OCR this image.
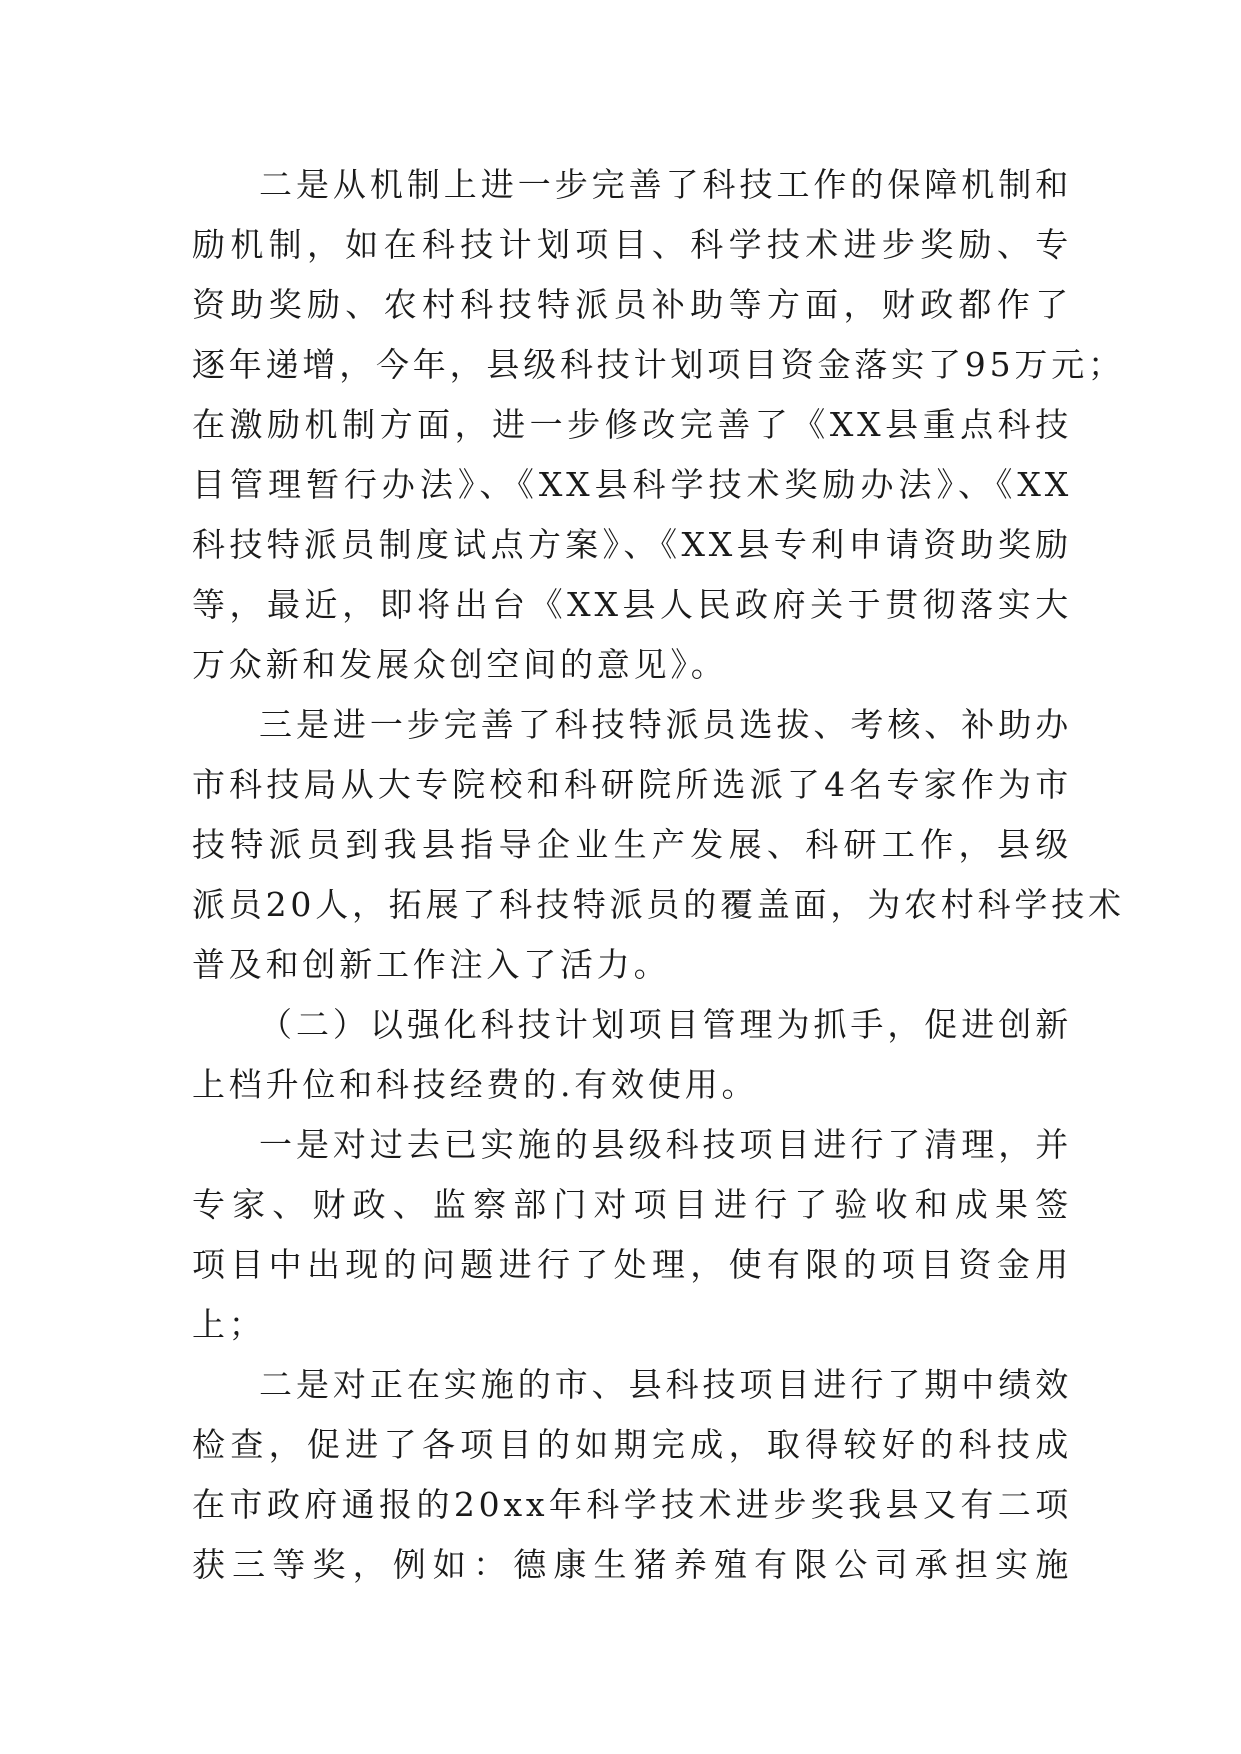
二是从机制上进一步完善了科技工作的保障机制和
励机制，如在科技计划项目、科学技术进步奖励、专
资助奖励、农村科技特派员补助等方面，财政都作了
逐年递增，今年，县级科技计划项目资金落实了95万元；
在激励机制方面，进一步修改完善了《XX县重点科技
目管理暂行办法》、《XX县科学技术奖励办法》、《XX
科技特派员制度试点方案》、《XX县专利申请资助奖励
等，最近，即将出台《XX县人民政府关于贯彻落实大
万众新和发展众创空间的意见》。
三是进一步完善了科技特派员选拔、考核、补助办
市科技局从大专院校和科研院所选派了4名专家作为市
技特派员到我县指导企业生产发展、科研工作，县级
派员20人，拓展了科技特派员的覆盖面，为农村科学技术
普及和创新工作注入了活力。
（二）以强化科技计划项目管理为抓手，促进创新
上档升位和科技经费的.有效使用。
一是对过去已实施的县级科技项目进行了清理，并
专家、财政、监察部门对项目进行了验收和成果签
项目中出现的问题进行了处理，使有限的项目资金用
上；
二是对正在实施的市、县科技项目进行了期中绩效
检查，促进了各项目的如期完成，取得较好的科技成
在市政府通报的20xx年科学技术进步奖我县又有二项
获三等奖，例如：德康生猪养殖有限公司承担实施
